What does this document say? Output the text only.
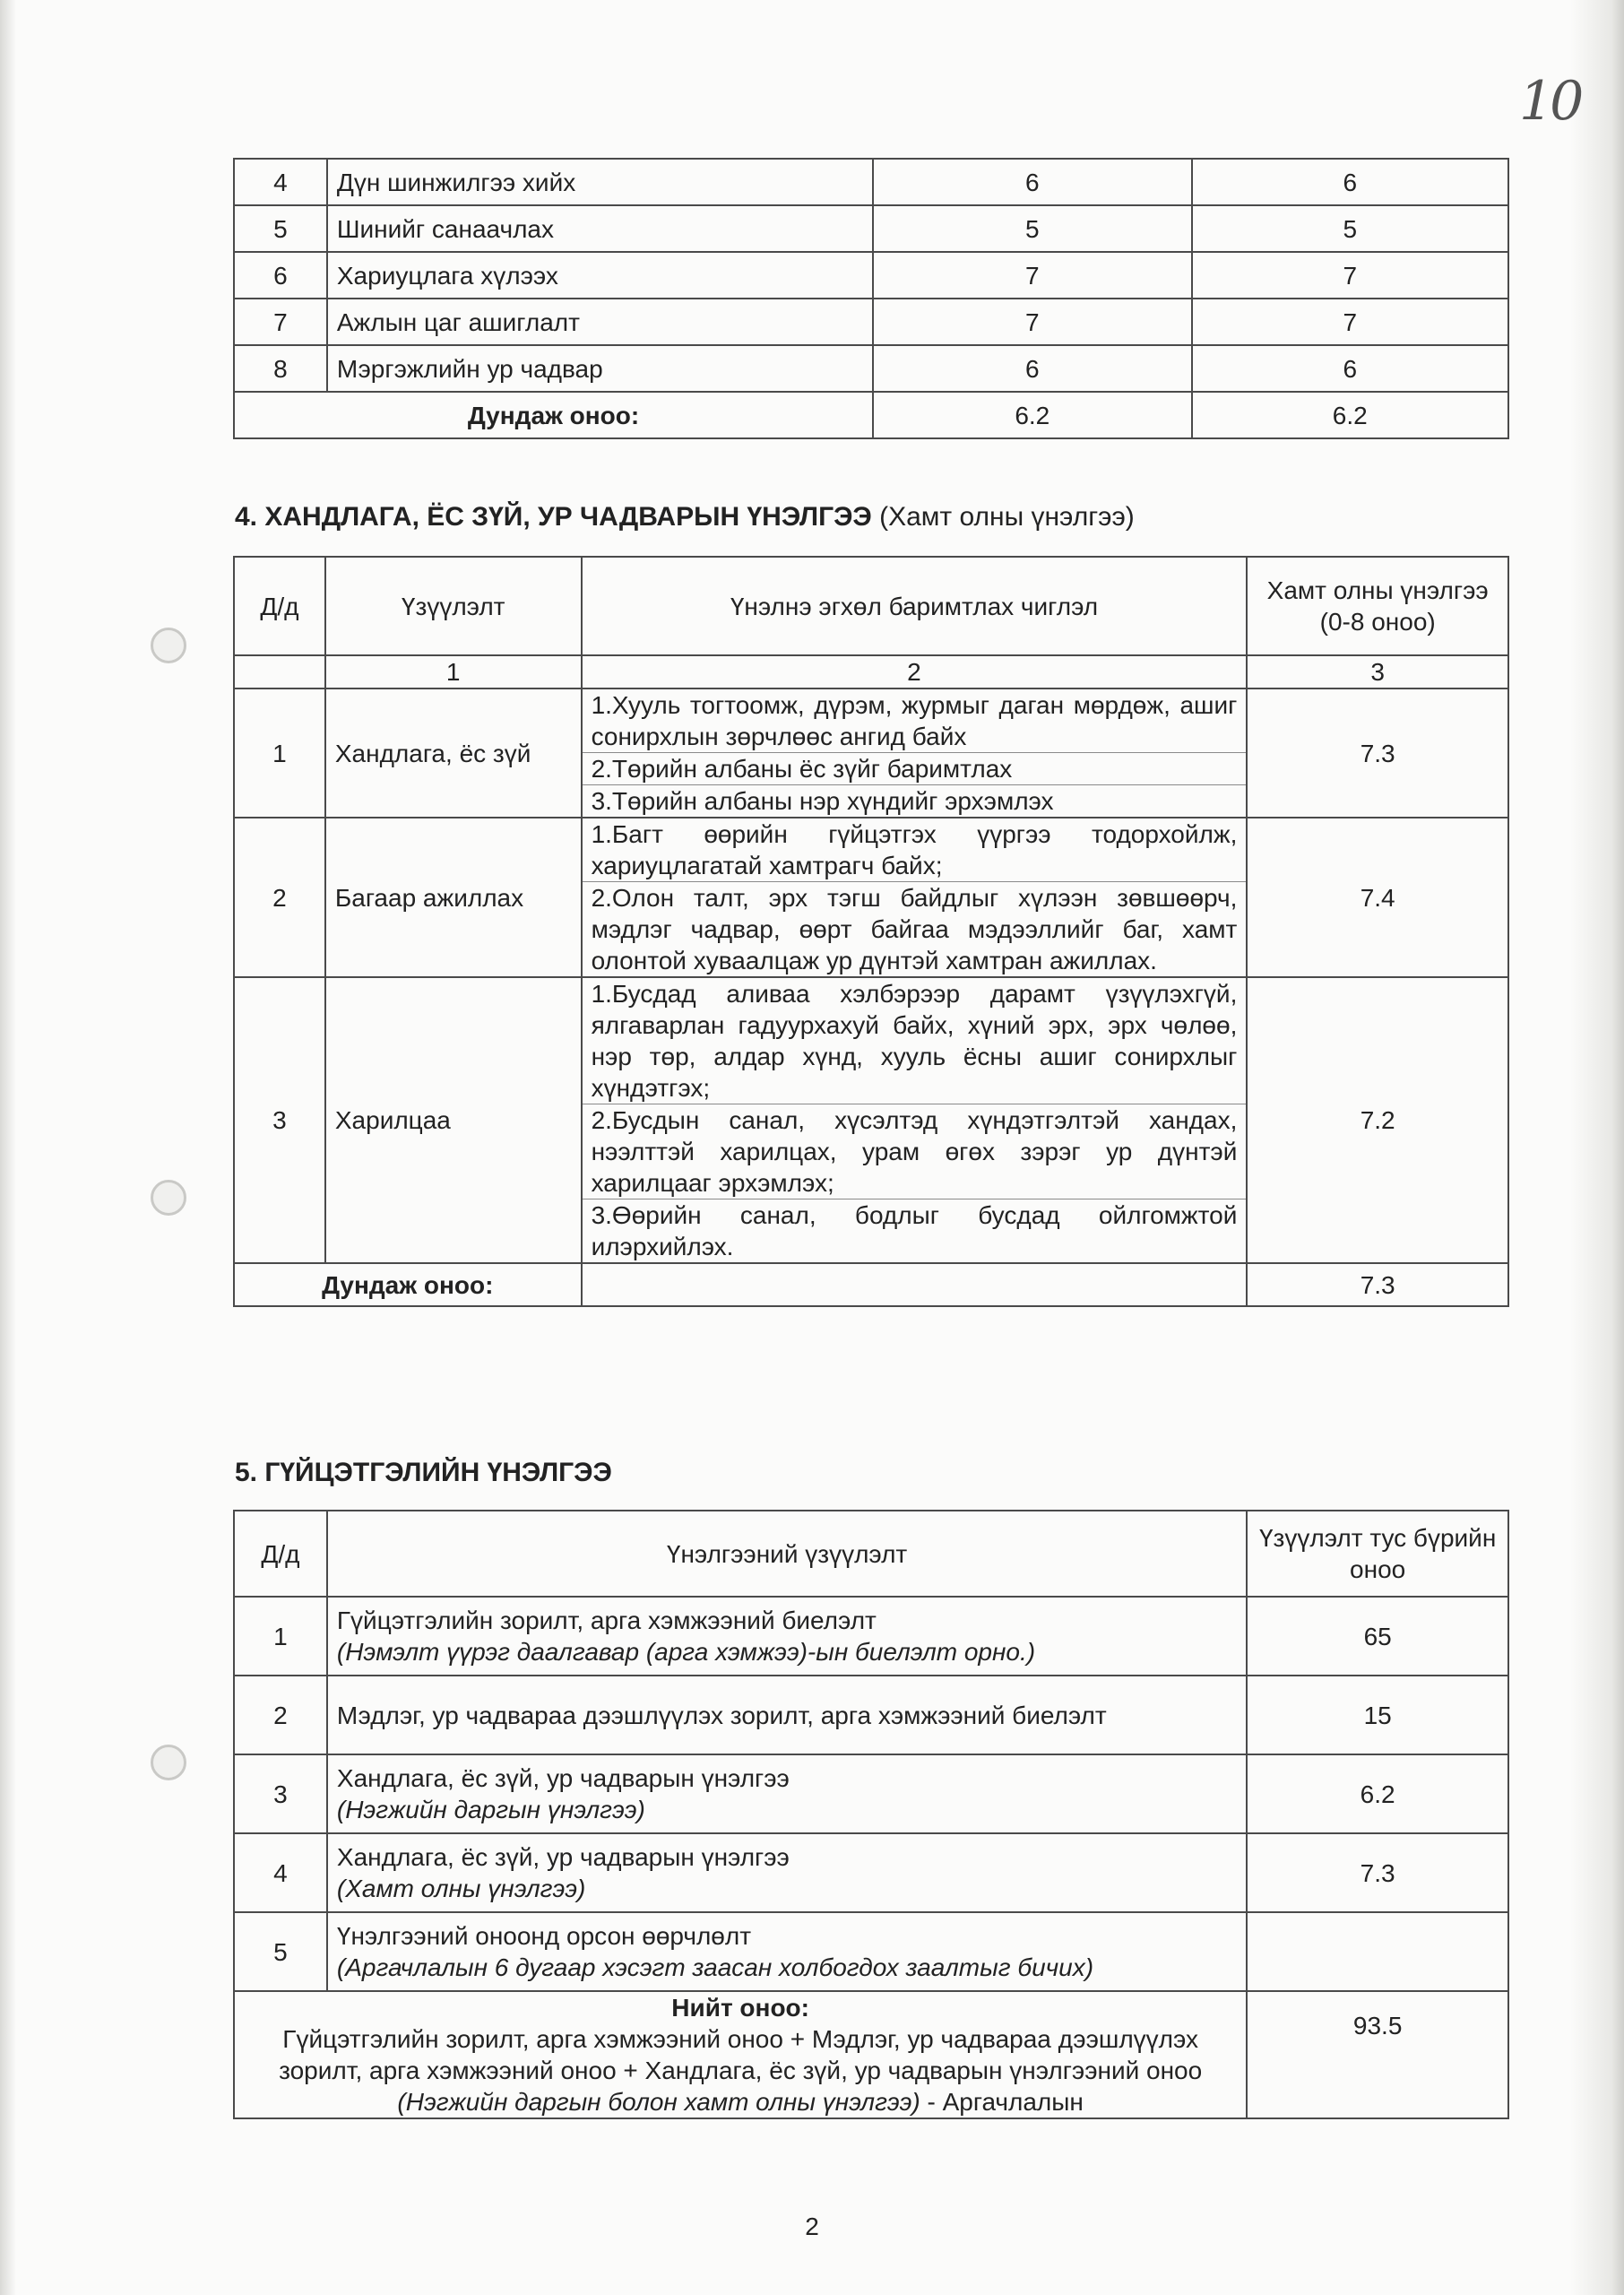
10
4	Дүн шинжилгээ хийх	6	6
5	Шинийг санаачлах	5	5
6	Хариуцлага хүлээх	7	7
7	Ажлын цаг ашиглалт	7	7
8	Мэргэжлийн ур чадвар	6	6
Дундаж оноо:		6.2	6.2
4. ХАНДЛАГА, ЁС ЗҮЙ, УР ЧАДВАРЫН ҮНЭЛГЭЭ (Хамт олны үнэлгээ)
Д/д	Үзүүлэлт	Үнэлнэ эгхөл баримтлах чиглэл	Хамт олны үнэлгээ (0-8 оноо)
	1	2	3
1	Хандлага, ёс зүй	1.Хууль тогтоомж, дүрэм, журмыг даган мөрдөж, ашиг сонирхлын зөрчлөөс ангид байх
2.Төрийн албаны ёс зүйг баримтлах
3.Төрийн албаны нэр хүндийг эрхэмлэх	7.3
2	Багаар ажиллах	1.Багт өөрийн гүйцэтгэх үүргээ тодорхойлж, хариуцлагатай хамтрагч байх;
2.Олон талт, эрх тэгш байдлыг хүлээн зөвшөөрч, мэдлэг чадвар, өөрт байгаа мэдээллийг баг, хамт олонтой хуваалцаж ур дүнтэй хамтран ажиллах.	7.4
3	Харилцаа	1.Бусдад аливаа хэлбэрээр дарамт үзүүлэхгүй, ялгаварлан гадуурхахуй байх, хүний эрх, эрх чөлөө, нэр төр, алдар хүнд, хууль ёсны ашиг сонирхлыг хүндэтгэх;
2.Бусдын санал, хүсэлтэд хүндэтгэлтэй хандах, нээлттэй харилцах, урам өгөх зэрэг ур дүнтэй харилцааг эрхэмлэх;
3.Өөрийн санал, бодлыг бусдад ойлгомжтой илэрхийлэх.	7.2
Дундаж оноо:			7.3
5. ГҮЙЦЭТГЭЛИЙН ҮНЭЛГЭЭ
Д/д	Үнэлгээний үзүүлэлт	Үзүүлэлт тус бүрийн оноо
1	Гүйцэтгэлийн зорилт, арга хэмжээний биелэлт
(Нэмэлт үүрэг даалгавар (арга хэмжээ)-ын биелэлт орно.)	65
2	Мэдлэг, ур чадвараа дээшлүүлэх зорилт, арга хэмжээний биелэлт	15
3	Хандлага, ёс зүй, ур чадварын үнэлгээ
(Нэгжийн даргын үнэлгээ)	6.2
4	Хандлага, ёс зүй, ур чадварын үнэлгээ
(Хамт олны үнэлгээ)	7.3
5	Үнэлгээний оноонд орсон өөрчлөлт
(Аргачлалын 6 дугаар хэсэгт заасан холбогдох заалтыг бичих)	

Нийт оноо:
Гүйцэтгэлийн зорилт, арга хэмжээний оноо + Мэдлэг, ур чадвараа дээшлүүлэх зорилт, арга хэмжээний оноо + Хандлага, ёс зүй, ур чадварын үнэлгээний оноо (Нэгжийн даргын болон хамт олны үнэлгээ) - Аргачлалын		93.5
2
